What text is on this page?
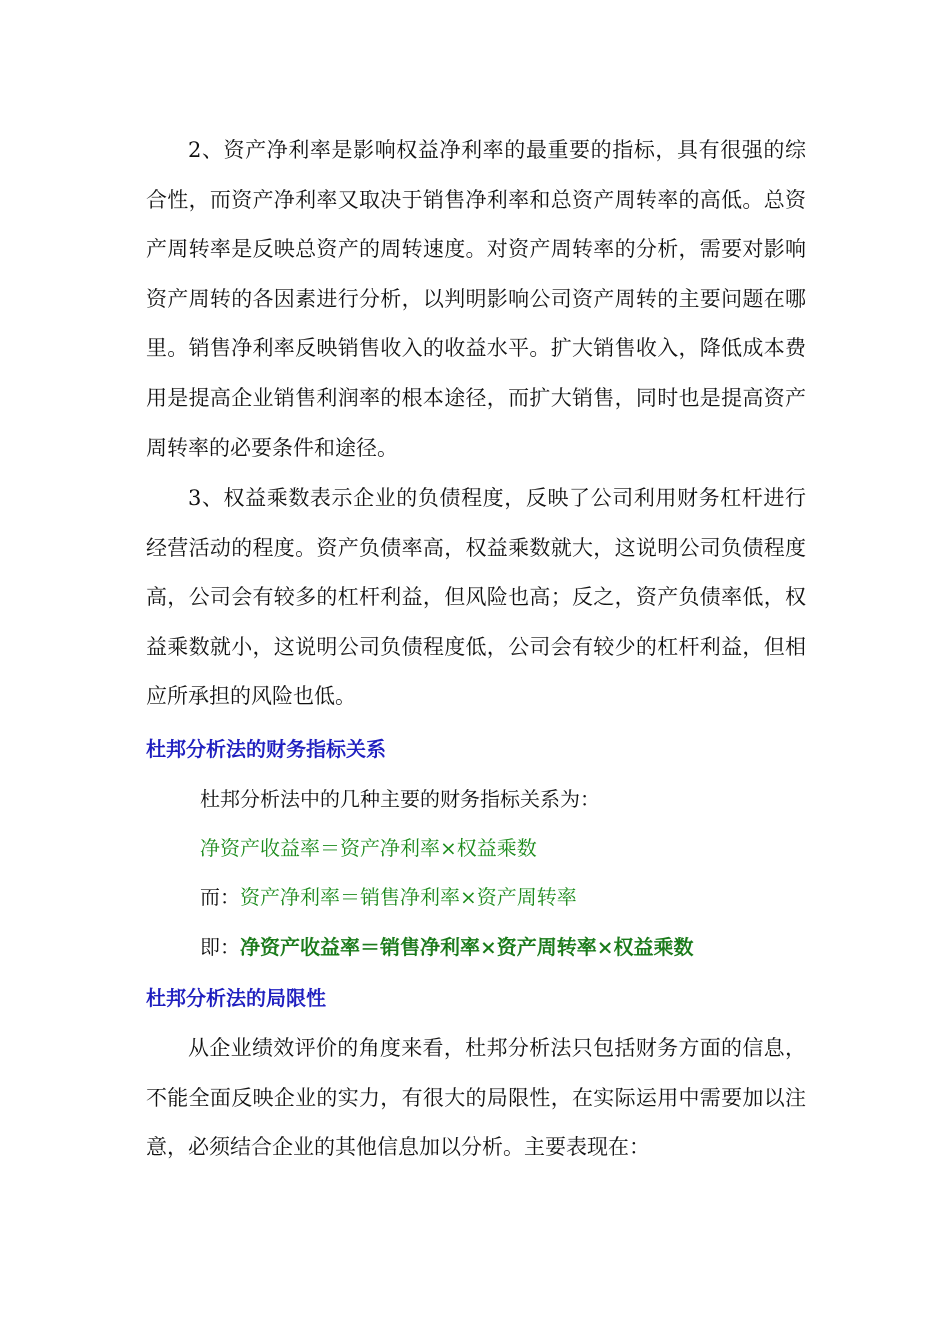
2、资产净利率是影响权益净利率的最重要的指标，具有很强的综合性，而资产净利率又取决于销售净利率和总资产周转率的高低。总资产周转率是反映总资产的周转速度。对资产周转率的分析，需要对影响资产周转的各因素进行分析，以判明影响公司资产周转的主要问题在哪里。销售净利率反映销售收入的收益水平。扩大销售收入，降低成本费用是提高企业销售利润率的根本途径，而扩大销售，同时也是提高资产周转率的必要条件和途径。

3、权益乘数表示企业的负债程度，反映了公司利用财务杠杆进行经营活动的程度。资产负债率高，权益乘数就大，这说明公司负债程度高，公司会有较多的杠杆利益，但风险也高；反之，资产负债率低，权益乘数就小，这说明公司负债程度低，公司会有较少的杠杆利益，但相应所承担的风险也低。

杜邦分析法的财务指标关系
杜邦分析法中的几种主要的财务指标关系为：
净资产收益率＝资产净利率×权益乘数
而：资产净利率＝销售净利率×资产周转率
即：净资产收益率＝销售净利率×资产周转率×权益乘数
杜邦分析法的局限性

从企业绩效评价的角度来看，杜邦分析法只包括财务方面的信息，不能全面反映企业的实力，有很大的局限性，在实际运用中需要加以注意，必须结合企业的其他信息加以分析。主要表现在：
